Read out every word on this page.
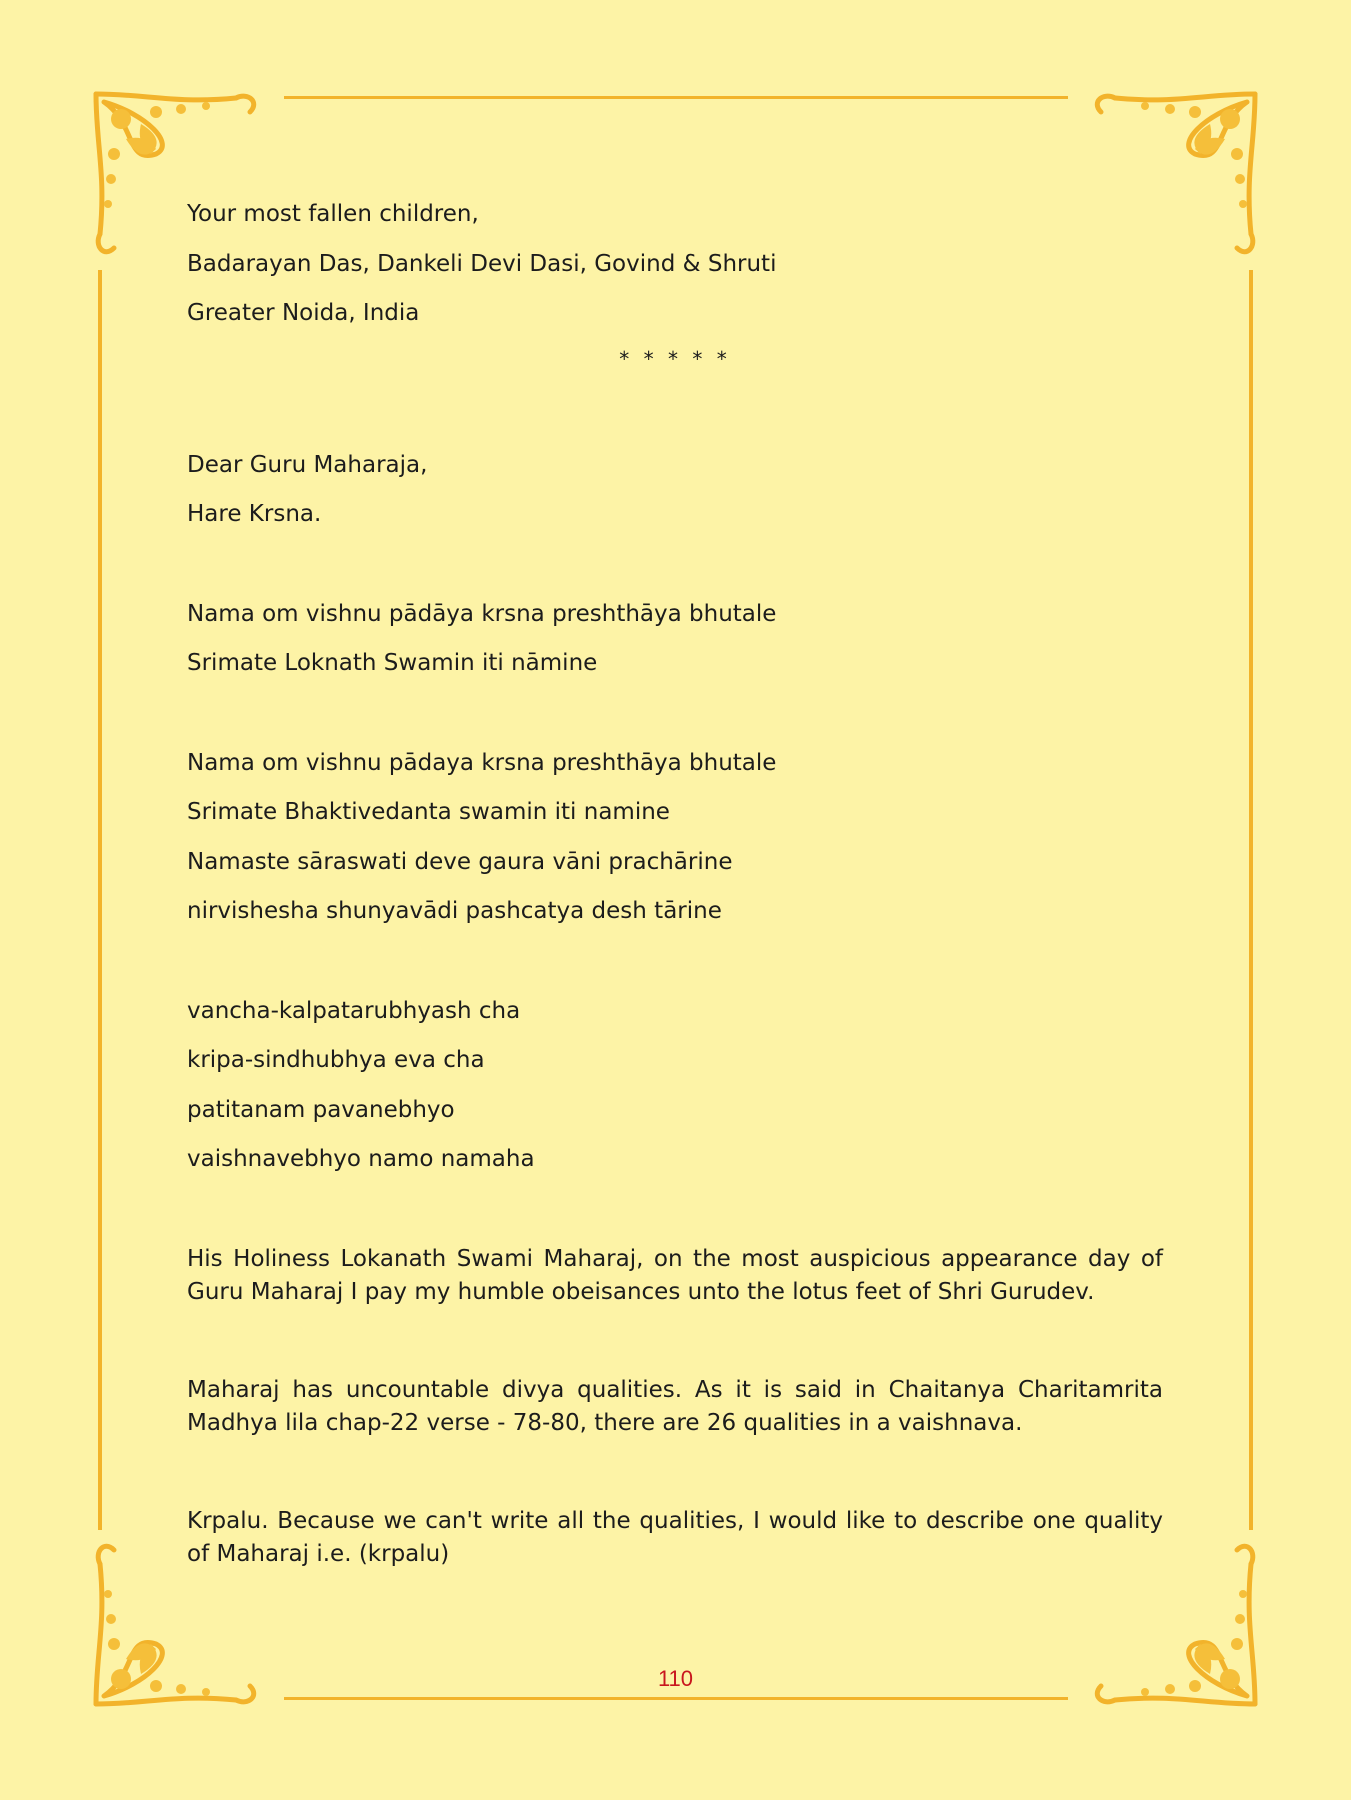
Your most fallen children,
Badarayan Das, Dankeli Devi Dasi, Govind & Shruti
Greater Noida, India
* * * * *
Dear Guru Maharaja,
Hare Krsna.
Nama om vishnu pādāya krsna preshthāya bhutale
Srimate Loknath Swamin iti nāmine
Nama om vishnu pādaya krsna preshthāya bhutale
Srimate Bhaktivedanta swamin iti namine
Namaste sāraswati deve gaura vāni prachārine
nirvishesha shunyavādi pashcatya desh tārine
vancha-kalpatarubhyash cha
kripa-sindhubhya eva cha
patitanam pavanebhyo
vaishnavebhyo namo namaha
His Holiness Lokanath Swami Maharaj, on the most auspicious appearance day of Guru Maharaj I pay my humble obeisances unto the lotus feet of Shri Gurudev.
Maharaj has uncountable divya qualities. As it is said in Chaitanya Charitamrita Madhya lila chap-22 verse - 78-80, there are 26 qualities in a vaishnava.
Krpalu. Because we can't write all the qualities, I would like to describe one quality of Maharaj i.e. (krpalu)
110
